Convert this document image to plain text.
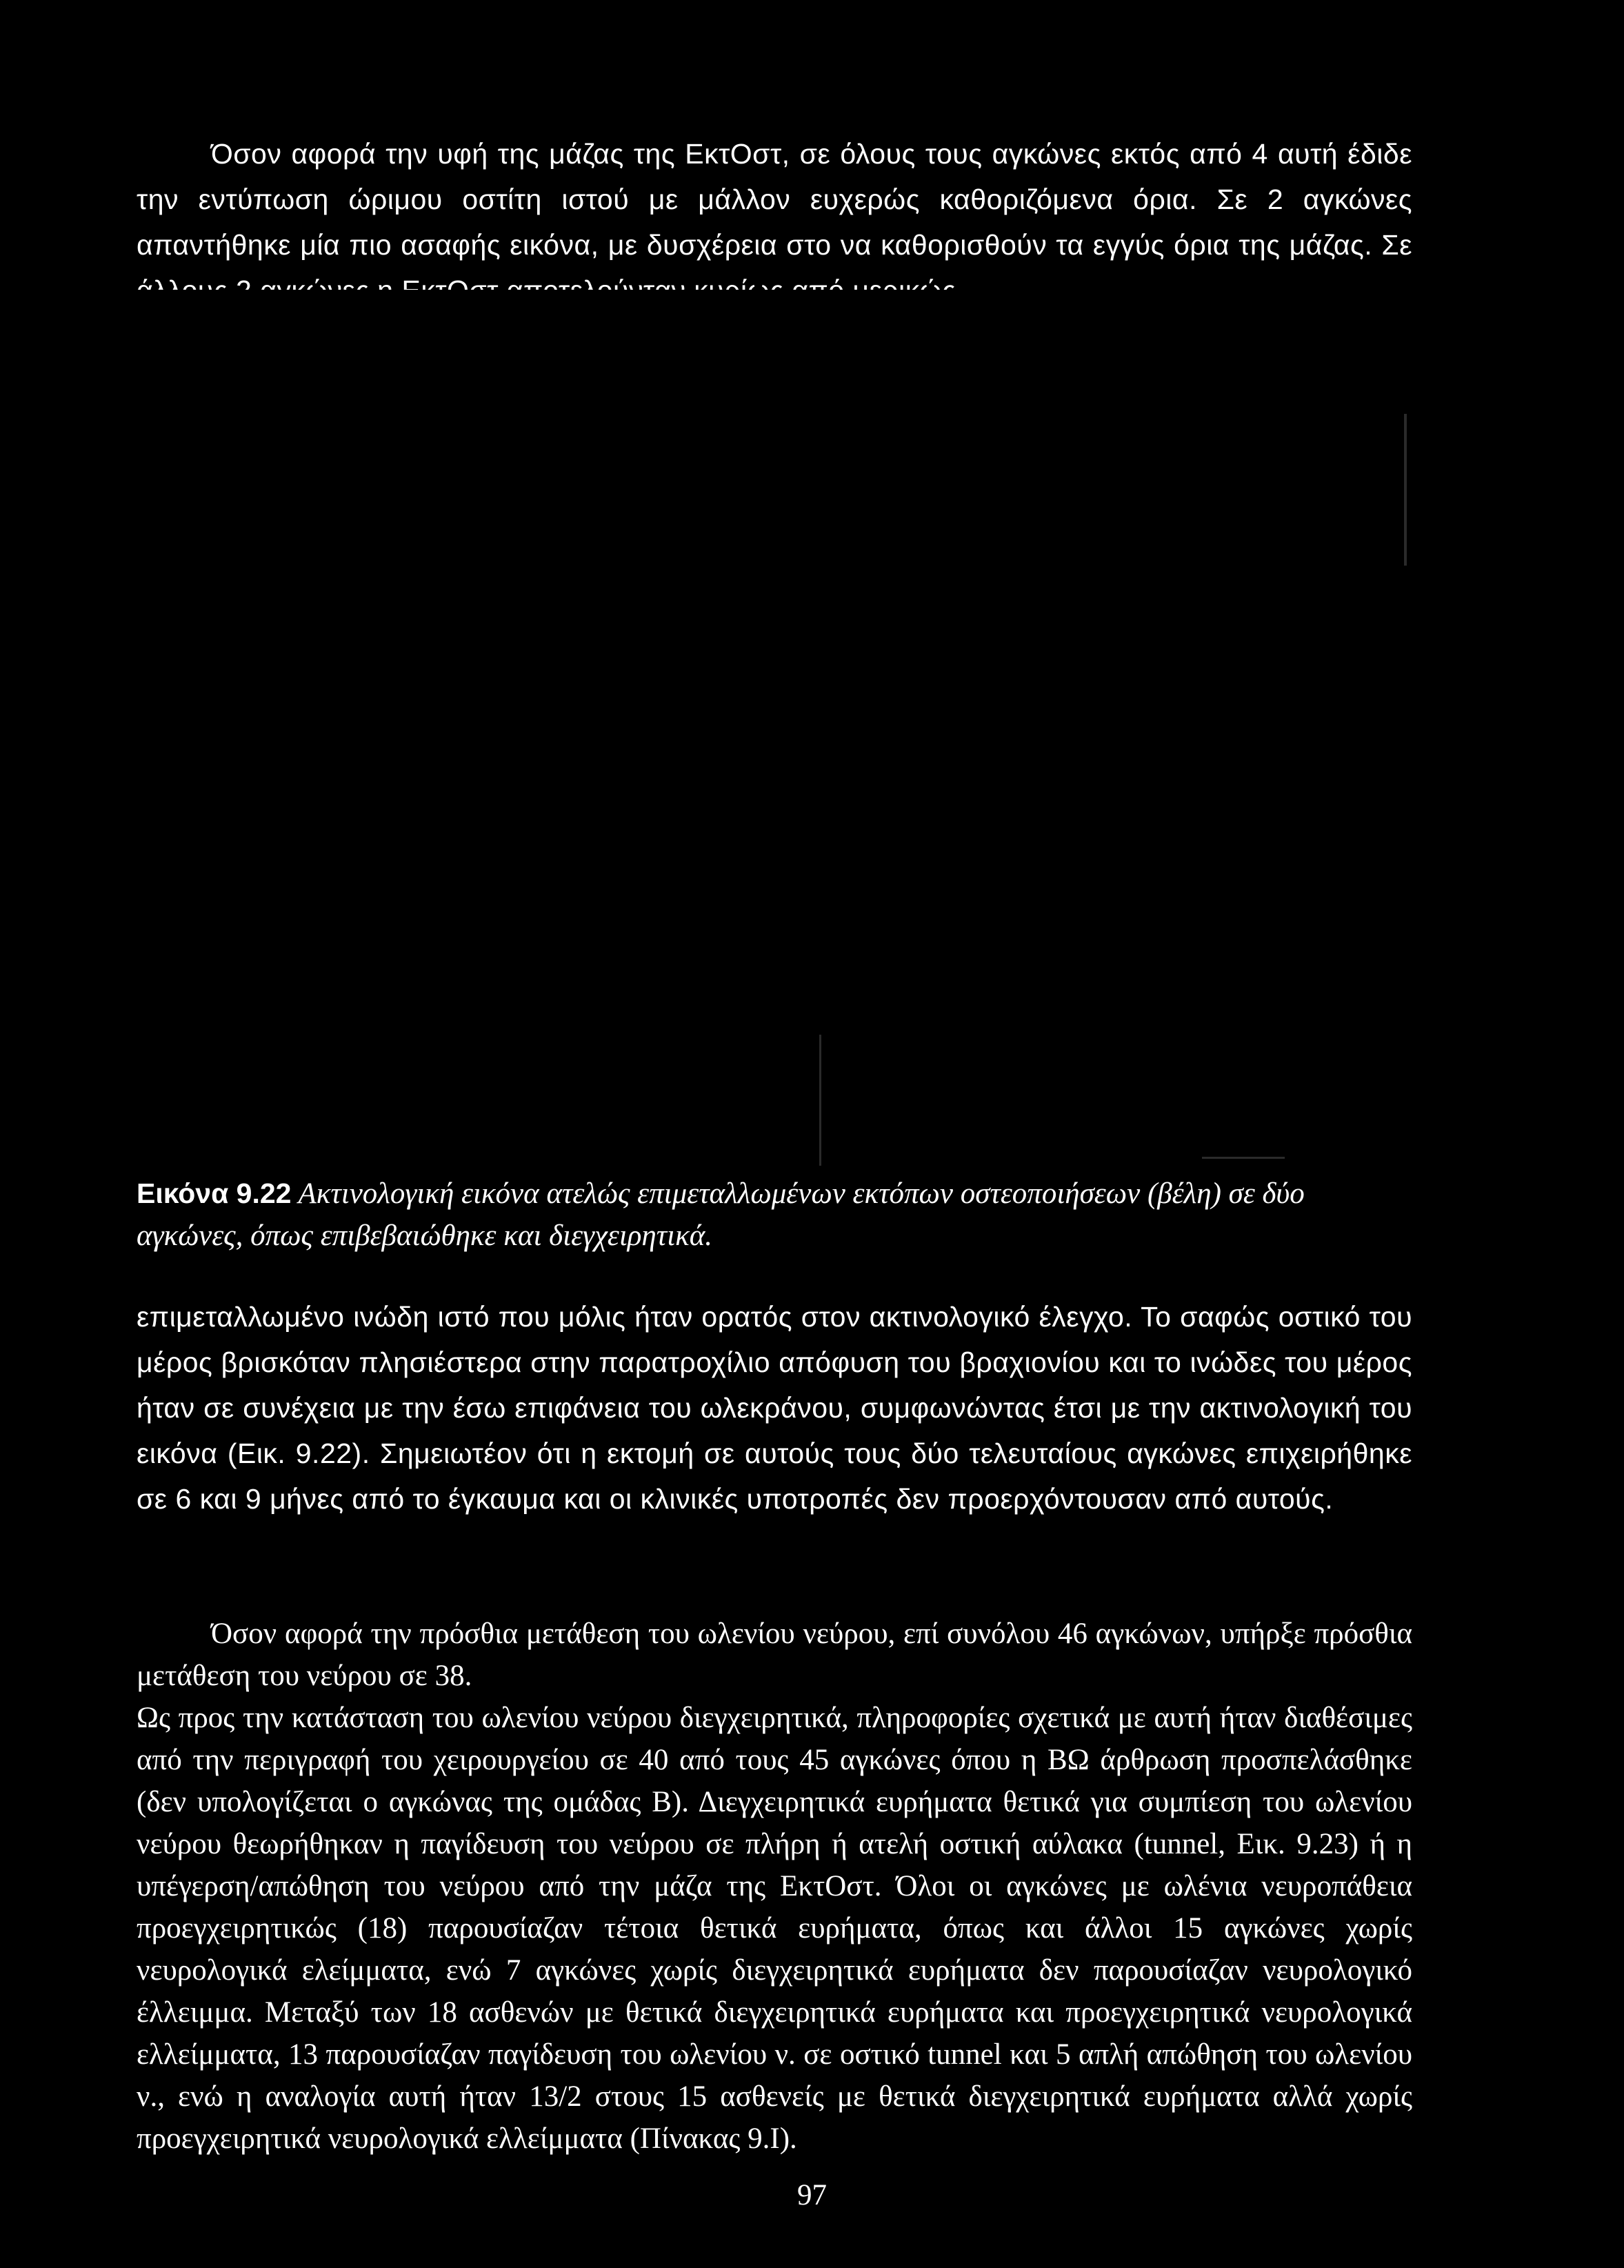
Όσον αφορά την υφή της μάζας της ΕκτΟστ, σε όλους τους αγκώνες εκτός από 4 αυτή έδιδε την εντύπωση ώριμου οστίτη ιστού με μάλλον ευχερώς καθοριζόμενα όρια. Σε 2 αγκώνες απαντήθηκε μία πιο ασαφής εικόνα, με δυσχέρεια στο να καθορισθούν τα εγγύς όρια της μάζας. Σε

Εικόνα 9.22 Ακτινολογική εικόνα ατελώς επιμεταλλωμένων εκτόπων οστεοποιήσεων (βέλη) σε δύο αγκώνες, όπως επιβεβαιώθηκε και διεγχειρητικά.

επιμεταλλωμένο ινώδη ιστό που μόλις ήταν ορατός στον ακτινολογικό έλεγχο. Το σαφώς οστικό του μέρος βρισκόταν πλησιέστερα στην παρατροχίλιο απόφυση του βραχιονίου και το ινώδες του μέρος ήταν σε συνέχεια με την έσω επιφάνεια του ωλεκράνου, συμφωνώντας έτσι με την ακτινολογική του εικόνα (Εικ. 9.22). Σημειωτέον ότι η εκτομή σε αυτούς τους δύο τελευταίους αγκώνες επιχειρήθηκε σε 6 και 9 μήνες από το έγκαυμα και οι κλινικές υποτροπές δεν προερχόντουσαν από αυτούς.

Όσον αφορά την πρόσθια μετάθεση του ωλενίου νεύρου, επί συνόλου 46 αγκώνων, υπήρξε πρόσθια μετάθεση του νεύρου σε 38.

Ως προς την κατάσταση του ωλενίου νεύρου διεγχειρητικά, πληροφορίες σχετικά με αυτή ήταν διαθέσιμες από την περιγραφή του χειρουργείου σε 40 από τους 45 αγκώνες όπου η ΒΩ άρθρωση προσπελάσθηκε (δεν υπολογίζεται ο αγκώνας της ομάδας Β). Διεγχειρητικά ευρήματα θετικά για συμπίεση του ωλενίου νεύρου θεωρήθηκαν η παγίδευση του νεύρου σε πλήρη ή ατελή οστική αύλακα (tunnel, Εικ. 9.23) ή η υπέγερση/απώθηση του νεύρου από την μάζα της ΕκτΟστ. Όλοι οι αγκώνες με ωλένια νευροπάθεια προεγχειρητικώς (18) παρουσίαζαν τέτοια θετικά ευρήματα, όπως και άλλοι 15 αγκώνες χωρίς νευρολογικά ελείμματα, ενώ 7 αγκώνες χωρίς διεγχειρητικά ευρήματα δεν παρουσίαζαν νευρολογικό έλλειμμα. Μεταξύ των 18 ασθενών με θετικά διεγχειρητικά ευρήματα και προεγχειρητικά νευρολογικά ελλείμματα, 13 παρουσίαζαν παγίδευση του ωλενίου ν. σε οστικό tunnel και 5 απλή απώθηση του ωλενίου ν., ενώ η αναλογία αυτή ήταν 13/2 στους 15 ασθενείς με θετικά διεγχειρητικά ευρήματα αλλά χωρίς προεγχειρητικά νευρολογικά ελλείμματα (Πίνακας 9.Ι).

97
